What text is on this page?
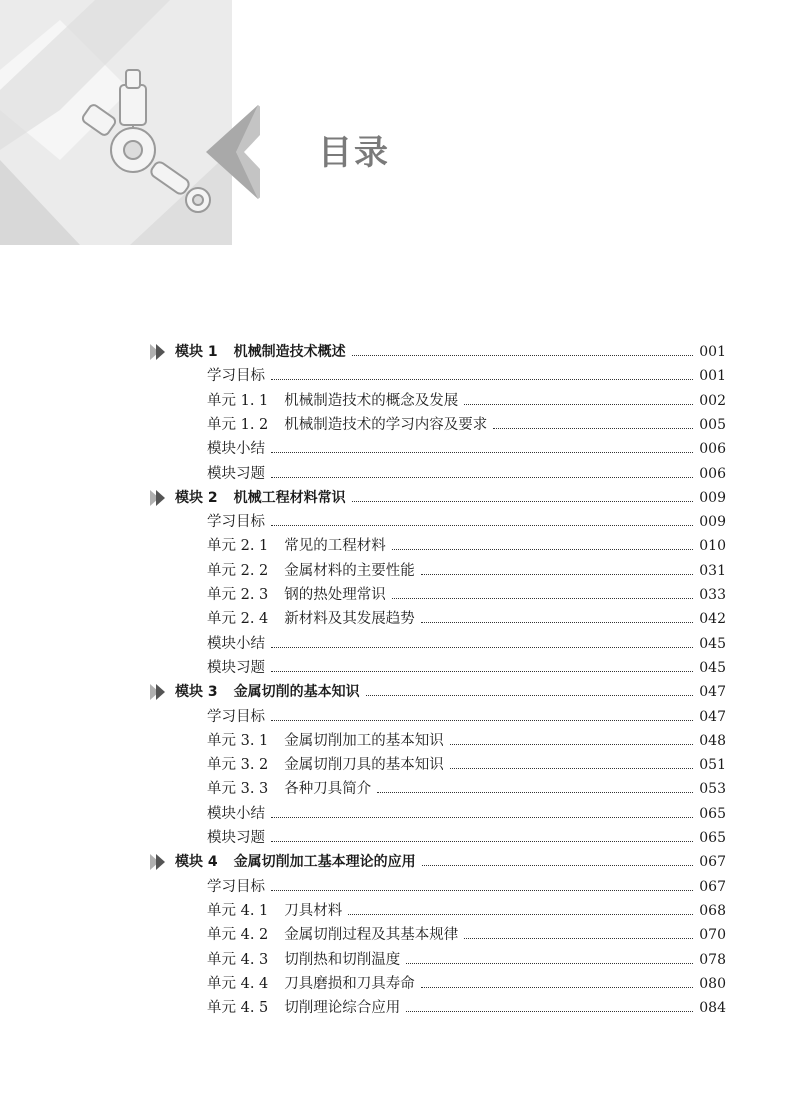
目录
模块 1 机械制造技术概述	001
学习目标	001
单元 1. 1 机械制造技术的概念及发展	002
单元 1. 2 机械制造技术的学习内容及要求	005
模块小结	006
模块习题	006
模块 2 机械工程材料常识	009
学习目标	009
单元 2. 1 常见的工程材料	010
单元 2. 2 金属材料的主要性能	031
单元 2. 3 钢的热处理常识	033
单元 2. 4 新材料及其发展趋势	042
模块小结	045
模块习题	045
模块 3 金属切削的基本知识	047
学习目标	047
单元 3. 1 金属切削加工的基本知识	048
单元 3. 2 金属切削刀具的基本知识	051
单元 3. 3 各种刀具简介	053
模块小结	065
模块习题	065
模块 4 金属切削加工基本理论的应用	067
学习目标	067
单元 4. 1 刀具材料	068
单元 4. 2 金属切削过程及其基本规律	070
单元 4. 3 切削热和切削温度	078
单元 4. 4 刀具磨损和刀具寿命	080
单元 4. 5 切削理论综合应用	084
